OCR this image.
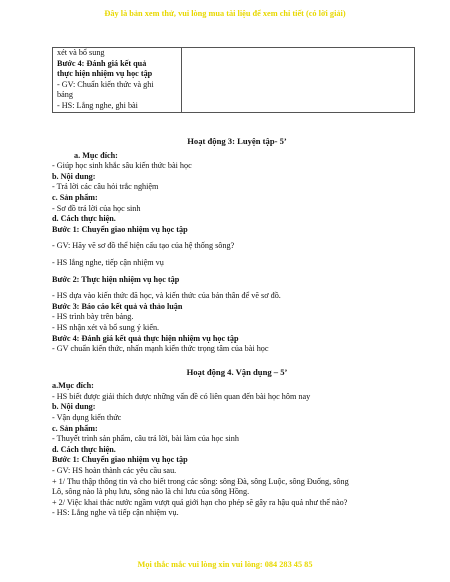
Đây là bản xem thử, vui lòng mua tài liệu để xem chi tiết (có lời giải)
xét và bổ sung
Bước 4: Đánh giá kết quả
thực hiện nhiệm vụ học tập
- GV: Chuẩn kiến thức và ghi
bảng
- HS: Lắng nghe, ghi bài

Hoạt động 3: Luyện tập- 5’
a. Mục đích:
- Giúp học sinh khắc sâu kiến thức bài học
b. Nội dung:
- Trả lời các câu hỏi trắc nghiệm
c. Sản phẩm:
- Sơ đồ trả lời của học sinh
d. Cách thực hiện.
Bước 1: Chuyển giao nhiệm vụ học tập
- GV: Hãy vẽ sơ đồ thể hiện cấu tạo của hệ thống sông?
- HS lắng nghe, tiếp cận nhiệm vụ
Bước 2: Thực hiện nhiệm vụ học tập
- HS dựa vào kiến thức đã học, và kiến thức của bản thân để vẽ sơ đồ.
Bước 3: Báo cáo kết quả và thảo luận
- HS trình bày trên bảng.
- HS nhận xét và bổ sung ý kiến.
Bước 4: Đánh giá kết quả thực hiện nhiệm vụ học tập
- GV chuẩn kiến thức, nhấn mạnh kiến thức trọng tâm của bài học
Hoạt động 4. Vận dụng – 5’
a.Mục đích:
- HS biết được giải thích được những vấn đề có liên quan đến bài học hôm nay
b. Nội dung:
- Vận dụng kiến thức
c. Sản phẩm:
- Thuyết trình sản phẩm, câu trả lời, bài làm của học sinh
d. Cách thực hiện.
Bước 1: Chuyển giao nhiệm vụ học tập
- GV: HS hoàn thành các yêu cầu sau.
+ 1/ Thu thập thông tin và cho biết trong các sông: sông Đà, sông Luộc, sông Đuống, sông
Lô, sông nào là phụ lưu, sông nào là chi lưu của sông Hồng.
+ 2/ Việc khai thác nước ngầm vượt quá giới hạn cho phép sẽ gây ra hậu quả như thế nào?
- HS: Lắng nghe và tiếp cận nhiệm vụ.
Mọi thắc mắc vui lòng xin vui lòng: 084 283 45 85
